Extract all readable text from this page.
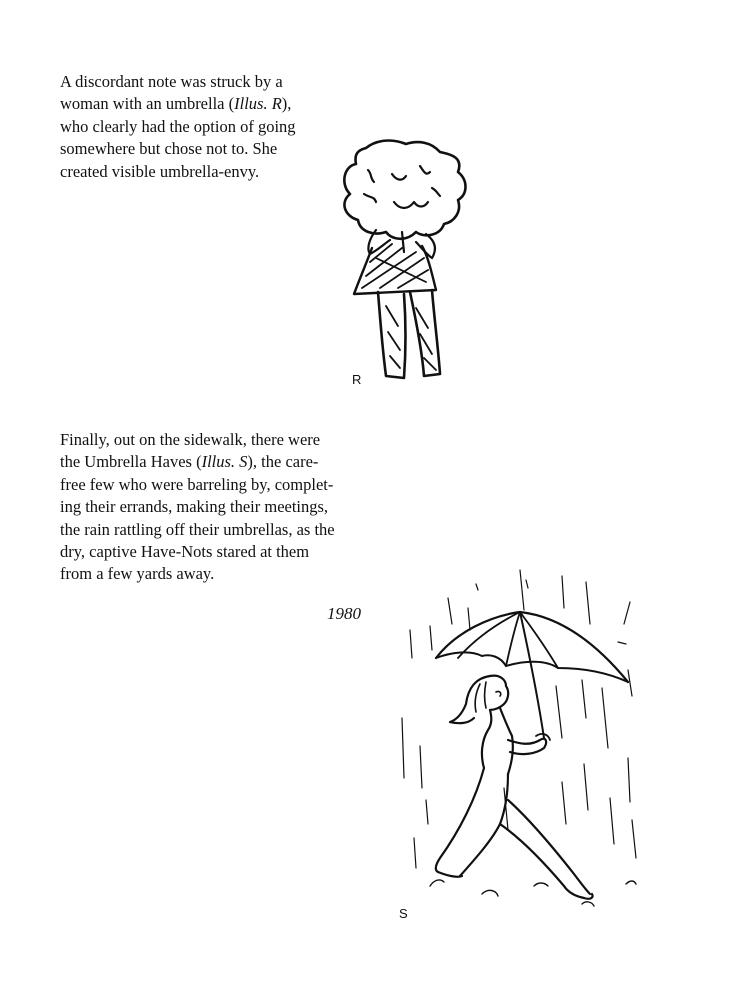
A discordant note was struck by a
woman with an umbrella (Illus. R),
who clearly had the option of going
somewhere but chose not to. She
created visible umbrella-envy.

R

Finally, out on the sidewalk, there were
the Umbrella Haves (Illus. S), the care-
free few who were barreling by, complet-
ing their errands, making their meetings,
the rain rattling off their umbrellas, as the
dry, captive Have-Nots stared at them
from a few yards away.

1980
S
